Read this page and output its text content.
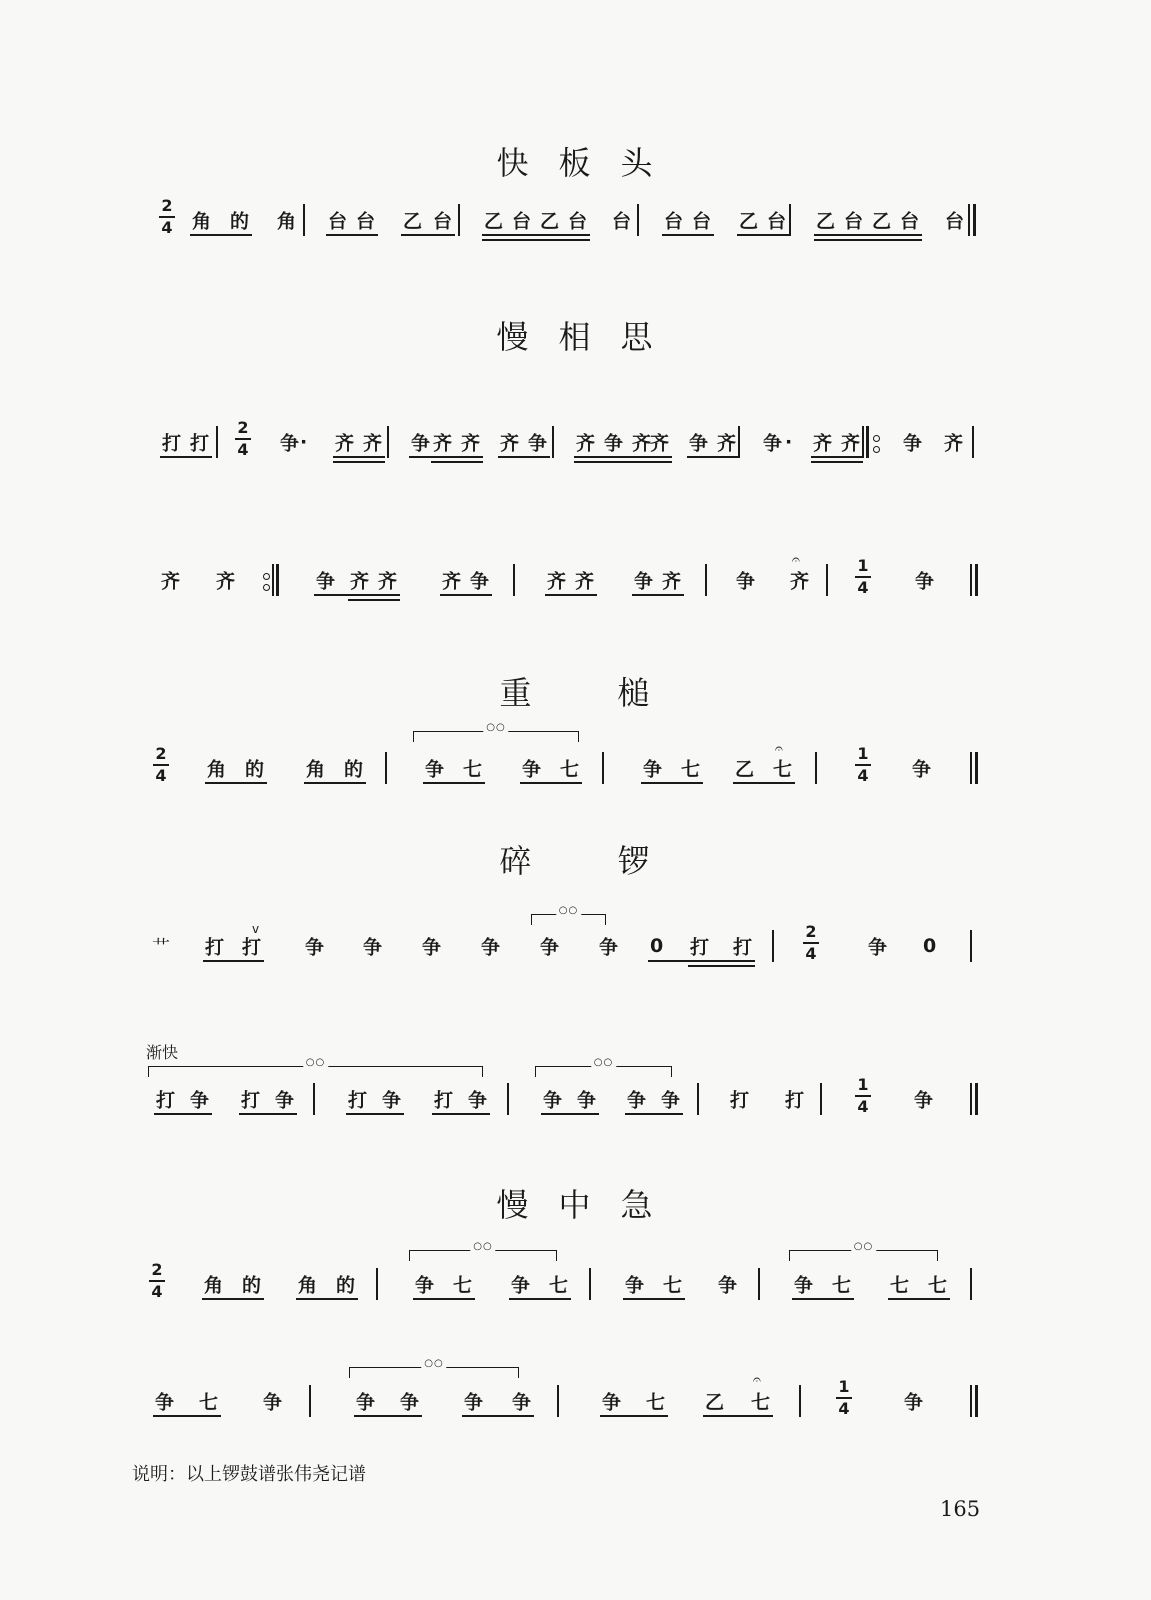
快 板 头
慢 相 思
重	槌
碎	锣
慢 中 急
渐快
说明：以上锣鼓谱张伟尧记谱
165
角 的 角 台 台 乙 台 乙 台 乙 台 台 台 台 乙 台 乙 台 乙 台 台
2
4
打 打	争 · 齐 齐 争 齐 齐 齐 争 齐 争 齐
齐 争 齐 争 · 齐 齐 争 齐
2
4
齐 齐	争 齐 齐 齐 争	齐 齐 争 齐	争 齐	争
1
4
𝄐
角 的 角 的	争 七 争 七	争 七 乙 七	争
2
4
1
4
○○
𝄐
艹 打 打 争 争 争 争 争 争 0 打 打	争 0
2
4
○○
v
打 争 打 争	打 争 打 争	争 争 争 争	打 打	争
1
4
○○	○○
角 的 角 的	争 七 争 七	争 七 争	争 七 七 七
2
4
○○	○○
争 七 争	争 争 争 争	争 七 乙 七	争
1
4
○○
𝄐
